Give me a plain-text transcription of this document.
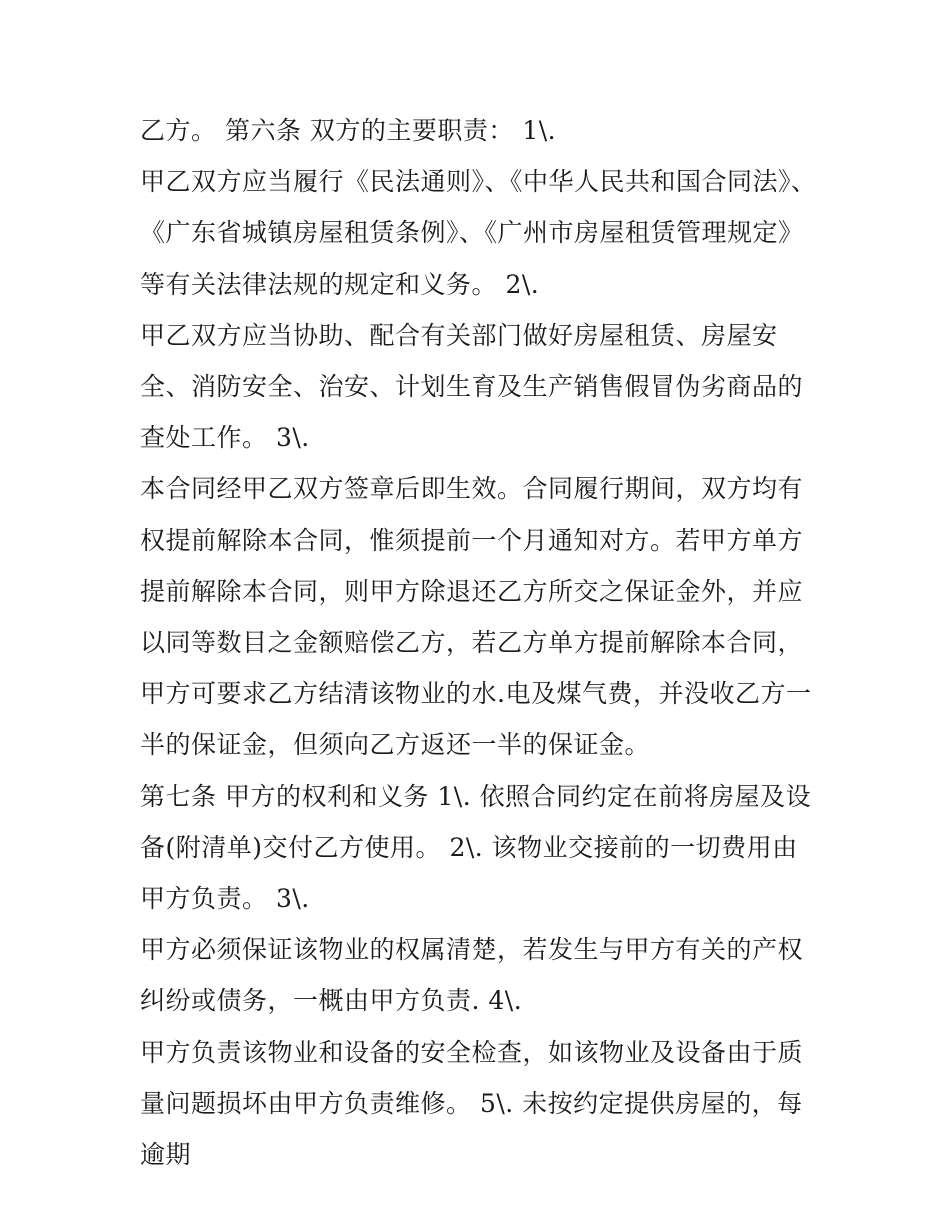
乙方。 第六条 双方的主要职责： 1\.

甲乙双方应当履行《民法通则》、《中华人民共和国合同法》、《广东省城镇房屋租赁条例》、《广州市房屋租赁管理规定》等有关法律法规的规定和义务。 2\.

甲乙双方应当协助、配合有关部门做好房屋租赁、房屋安全、消防安全、治安、计划生育及生产销售假冒伪劣商品的查处工作。 3\.

本合同经甲乙双方签章后即生效。合同履行期间，双方均有权提前解除本合同，惟须提前一个月通知对方。若甲方单方提前解除本合同，则甲方除退还乙方所交之保证金外，并应以同等数目之金额赔偿乙方，若乙方单方提前解除本合同，甲方可要求乙方结清该物业的水.电及煤气费，并没收乙方一半的保证金，但须向乙方返还一半的保证金。

第七条 甲方的权利和义务 1\. 依照合同约定在前将房屋及设备(附清单)交付乙方使用。 2\. 该物业交接前的一切费用由甲方负责。 3\.

甲方必须保证该物业的权属清楚，若发生与甲方有关的产权纠纷或债务，一概由甲方负责. 4\.

甲方负责该物业和设备的安全检查，如该物业及设备由于质量问题损坏由甲方负责维修。 5\. 未按约定提供房屋的，每逾期
